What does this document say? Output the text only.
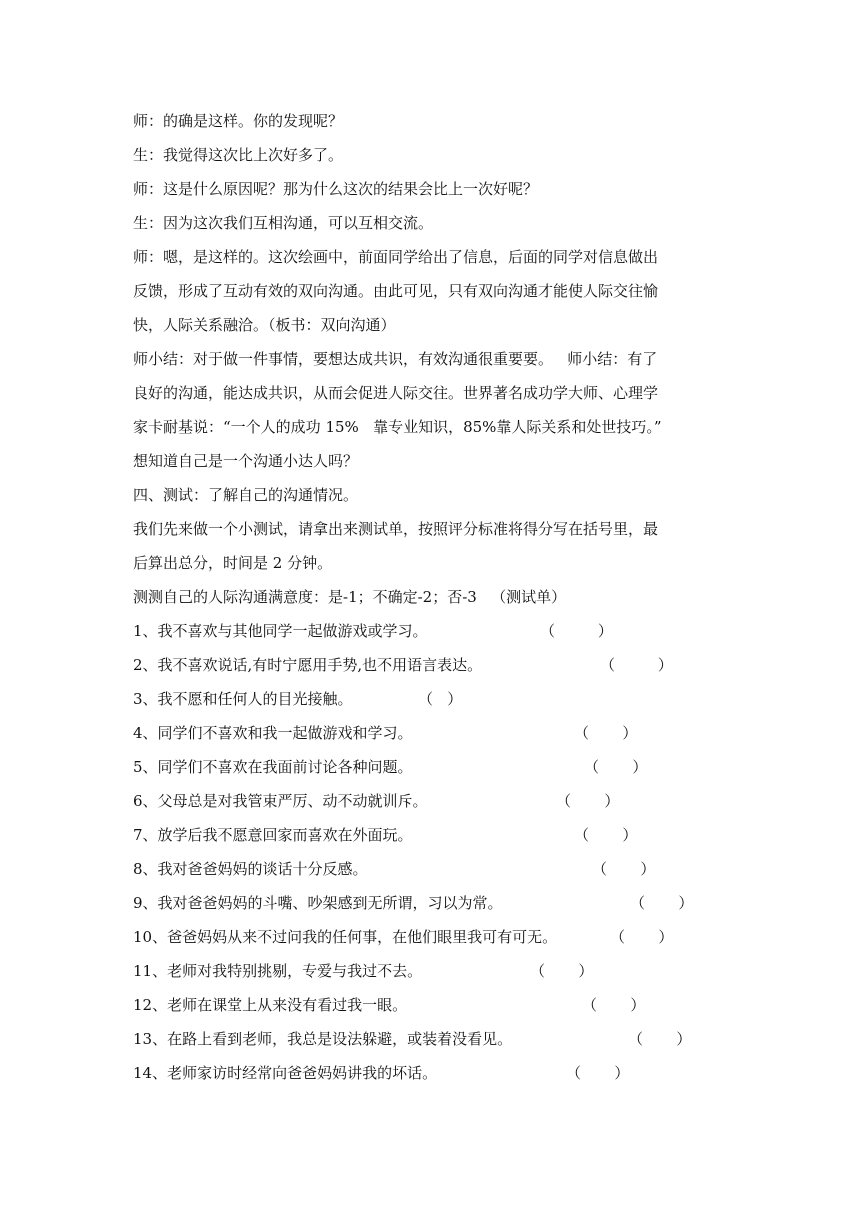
师：的确是这样。你的发现呢？
生：我觉得这次比上次好多了。
师：这是什么原因呢？那为什么这次的结果会比上一次好呢？
生：因为这次我们互相沟通，可以互相交流。
师：嗯，是这样的。这次绘画中，前面同学给出了信息，后面的同学对信息做出
反馈，形成了互动有效的双向沟通。由此可见，只有双向沟通才能使人际交往愉
快，人际关系融洽。（板书：双向沟通）
师小结：对于做一件事情，要想达成共识，有效沟通很重要要。   师小结：有了
良好的沟通，能达成共识，从而会促进人际交往。世界著名成功学大师、心理学
家卡耐基说：“一个人的成功 15%   靠专业知识，85%靠人际关系和处世技巧。”
想知道自己是一个沟通小达人吗？
四、测试：了解自己的沟通情况。
我们先来做一个小测试，请拿出来测试单，按照评分标准将得分写在括号里，最
后算出总分，时间是 2 分钟。
测测自己的人际沟通满意度：是-1；不确定-2；否-3   （测试单）
1、我不喜欢与其他同学一起做游戏或学习。	（         ）
2、我不喜欢说话,有时宁愿用手势,也不用语言表达。	（         ）
3、我不愿和任何人的目光接触。	（   ）
4、同学们不喜欢和我一起做游戏和学习。	（       ）
5、同学们不喜欢在我面前讨论各种问题。	（       ）
6、父母总是对我管束严厉、动不动就训斥。	（       ）
7、放学后我不愿意回家而喜欢在外面玩。	（       ）
8、我对爸爸妈妈的谈话十分反感。	（       ）
9、我对爸爸妈妈的斗嘴、吵架感到无所谓，习以为常。	（       ）
10、爸爸妈妈从来不过问我的任何事，在他们眼里我可有可无。	（       ）
11、老师对我特别挑剔，专爱与我过不去。	（       ）
12、老师在课堂上从来没有看过我一眼。	（       ）
13、在路上看到老师，我总是设法躲避，或装着没看见。	（       ）
14、老师家访时经常向爸爸妈妈讲我的坏话。	（       ）
